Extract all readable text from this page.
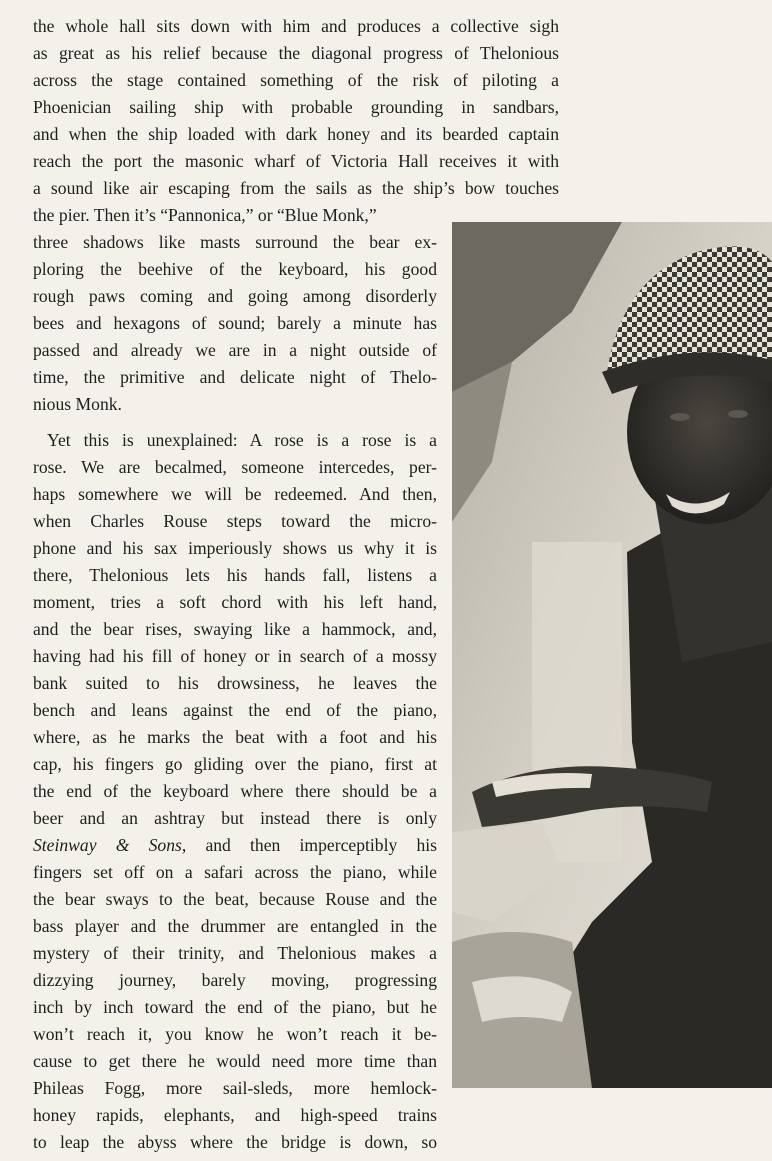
the whole hall sits down with him and produces a collective sigh
as great as his relief because the diagonal progress of Thelonious
across the stage contained something of the risk of piloting a
Phoenician sailing ship with probable grounding in sandbars,
and when the ship loaded with dark honey and its bearded captain
reach the port the masonic wharf of Victoria Hall receives it with
a sound like air escaping from the sails as the ship’s bow touches
the pier. Then it’s “Pannonica,” or “Blue Monk,”
three shadows like masts surround the bear ex-
ploring the beehive of the keyboard, his good
rough paws coming and going among disorderly
bees and hexagons of sound; barely a minute has
passed and already we are in a night outside of
time, the primitive and delicate night of Thelo-
nious Monk.
Yet this is unexplained: A rose is a rose is a
rose. We are becalmed, someone intercedes, per-
haps somewhere we will be redeemed. And then,
when Charles Rouse steps toward the micro-
phone and his sax imperiously shows us why it is
there, Thelonious lets his hands fall, listens a
moment, tries a soft chord with his left hand,
and the bear rises, swaying like a hammock, and,
having had his fill of honey or in search of a mossy
bank suited to his drowsiness, he leaves the
bench and leans against the end of the piano,
where, as he marks the beat with a foot and his
cap, his fingers go gliding over the piano, first at
the end of the keyboard where there should be a
beer and an ashtray but instead there is only
Steinway & Sons, and then imperceptibly his
fingers set off on a safari across the piano, while
the bear sways to the beat, because Rouse and the
bass player and the drummer are entangled in the
mystery of their trinity, and Thelonious makes a
dizzying journey, barely moving, progressing
inch by inch toward the end of the piano, but he
won’t reach it, you know he won’t reach it be-
cause to get there he would need more time than
Phileas Fogg, more sail-sleds, more hemlock-
honey rapids, elephants, and high-speed trains
to leap the abyss where the bridge is down, so
